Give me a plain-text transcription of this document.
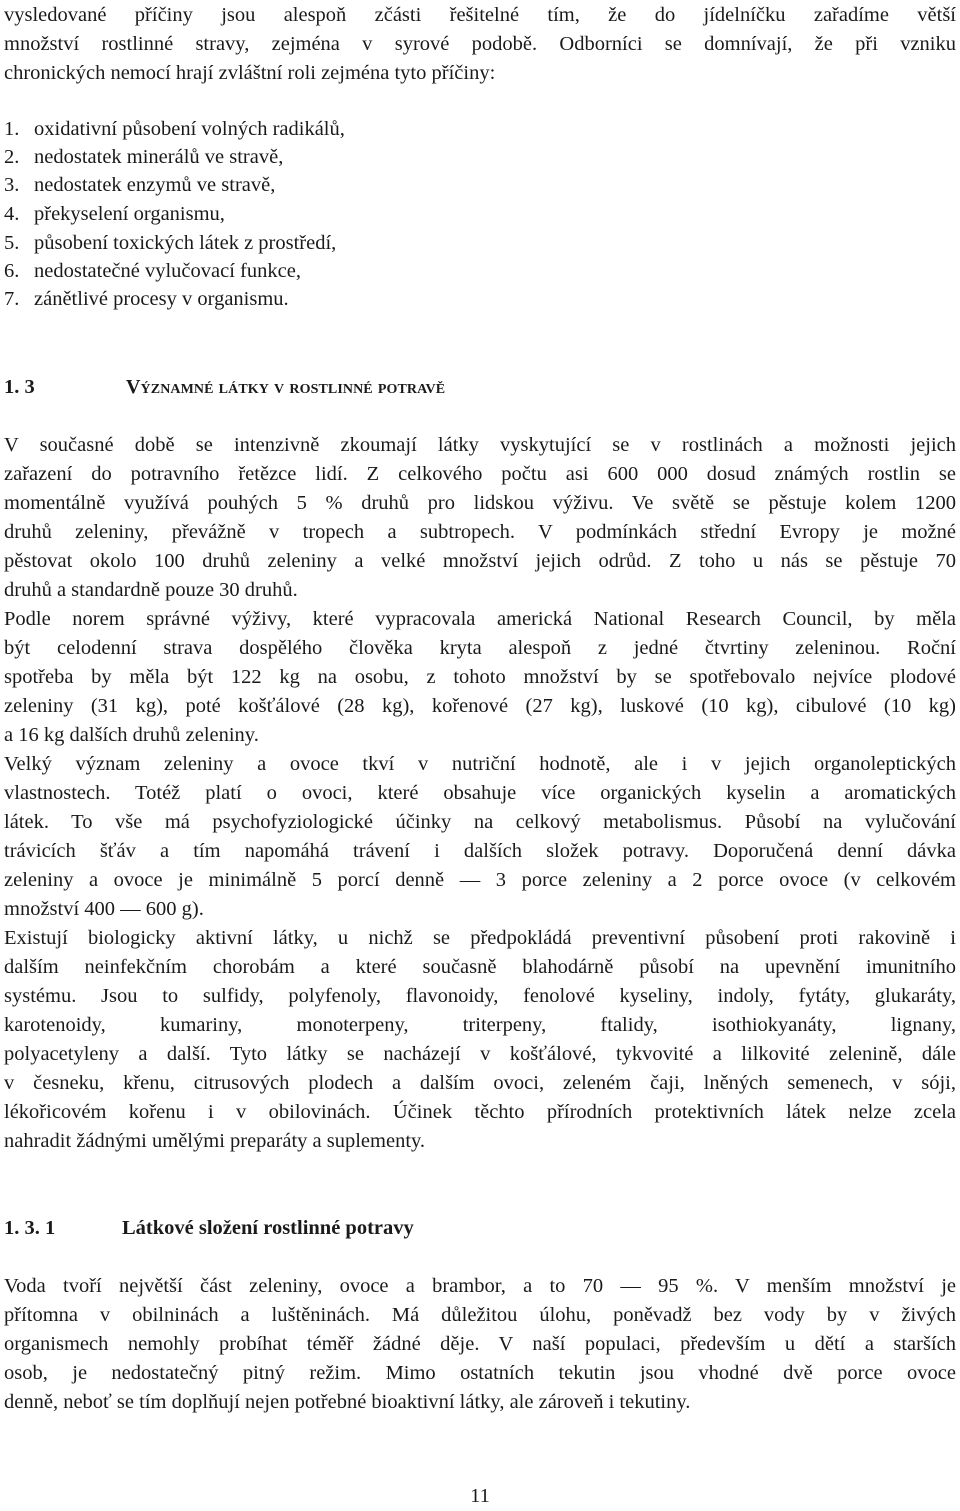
vysledované příčiny jsou alespoň zčásti řešitelné tím, že do jídelníčku zařadíme větší
množství rostlinné stravy, zejména v syrové podobě. Odborníci se domnívají, že při vzniku
chronických nemocí hrají zvláštní roli zejména tyto příčiny:
1. oxidativní působení volných radikálů,
2. nedostatek minerálů ve stravě,
3. nedostatek enzymů ve stravě,
4. překyselení organismu,
5. působení toxických látek z prostředí,
6. nedostatečné vylučovací funkce,
7. zánětlivé procesy v organismu.
1. 3	Významné látky v rostlinné potravě
V současné době se intenzivně zkoumají látky vyskytující se v rostlinách a možnosti jejich
zařazení do potravního řetězce lidí. Z celkového počtu asi 600 000 dosud známých rostlin se
momentálně využívá pouhých 5 % druhů pro lidskou výživu. Ve světě se pěstuje kolem 1200
druhů zeleniny, převážně v tropech a subtropech. V podmínkách střední Evropy je možné
pěstovat okolo 100 druhů zeleniny a velké množství jejich odrůd. Z toho u nás se pěstuje 70
druhů a standardně pouze 30 druhů.
Podle norem správné výživy, které vypracovala americká National Research Council, by měla
být celodenní strava dospělého člověka kryta alespoň z jedné čtvrtiny zeleninou. Roční
spotřeba by měla být 122 kg na osobu, z tohoto množství by se spotřebovalo nejvíce plodové
zeleniny (31 kg), poté košťálové (28 kg), kořenové (27 kg), luskové (10 kg), cibulové (10 kg)
a 16 kg dalších druhů zeleniny.
Velký význam zeleniny a ovoce tkví v nutriční hodnotě, ale i v jejich organoleptických
vlastnostech. Totéž platí o ovoci, které obsahuje více organických kyselin a aromatických
látek. To vše má psychofyziologické účinky na celkový metabolismus. Působí na vylučování
trávicích šťáv a tím napomáhá trávení i dalších složek potravy. Doporučená denní dávka
zeleniny a ovoce je minimálně 5 porcí denně — 3 porce zeleniny a 2 porce ovoce (v celkovém
množství 400 — 600 g).
Existují biologicky aktivní látky, u nichž se předpokládá preventivní působení proti rakovině i
dalším neinfekčním chorobám a které současně blahodárně působí na upevnění imunitního
systému. Jsou to sulfidy, polyfenoly, flavonoidy, fenolové kyseliny, indoly, fytáty, glukaráty,
karotenoidy, kumariny, monoterpeny, triterpeny, ftalidy, isothiokyanáty, lignany,
polyacetyleny a další. Tyto látky se nacházejí v košťálové, tykvovité a lilkovité zelenině, dále
v česneku, křenu, citrusových plodech a dalším ovoci, zeleném čaji, lněných semenech, v sóji,
lékořicovém kořenu i v obilovinách. Účinek těchto přírodních protektivních látek nelze zcela
nahradit žádnými umělými preparáty a suplementy.
1. 3. 1	Látkové složení rostlinné potravy
Voda tvoří největší část zeleniny, ovoce a brambor, a to 70 — 95 %. V menším množství je
přítomna v obilninách a luštěninách. Má důležitou úlohu, poněvadž bez vody by v živých
organismech nemohly probíhat téměř žádné děje. V naší populaci, především u dětí a starších
osob, je nedostatečný pitný režim. Mimo ostatních tekutin jsou vhodné dvě porce ovoce
denně, neboť se tím doplňují nejen potřebné bioaktivní látky, ale zároveň i tekutiny.
11
